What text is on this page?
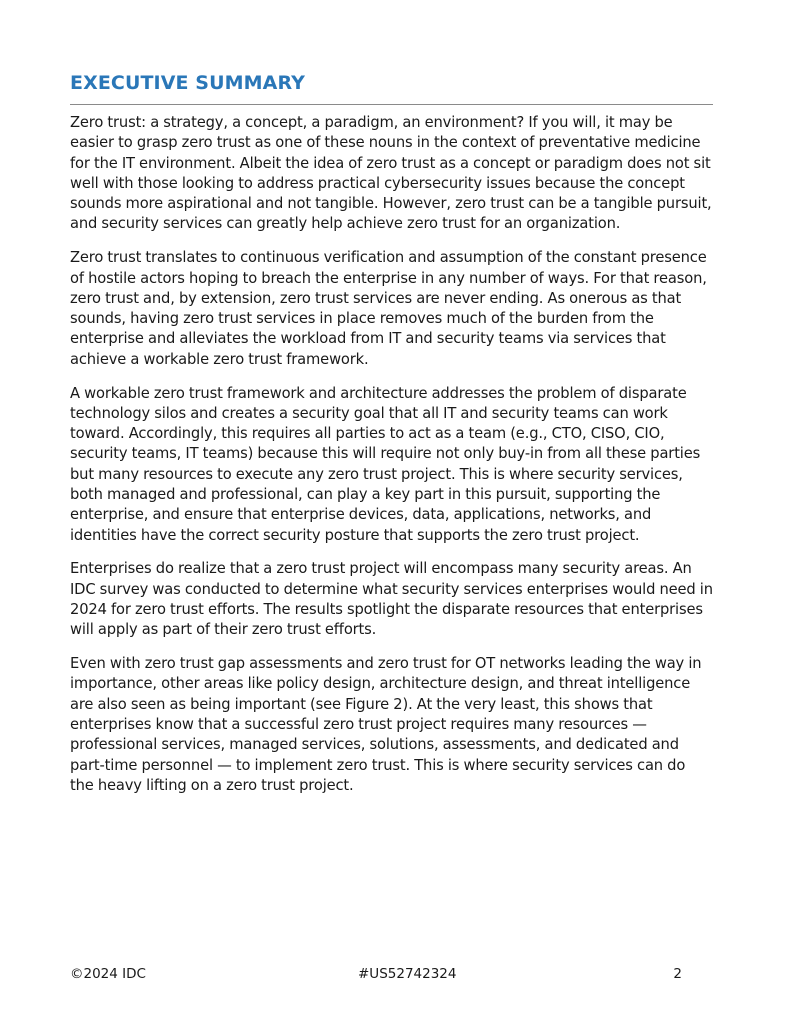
EXECUTIVE SUMMARY

Zero trust: a strategy, a concept, a paradigm, an environment? If you will, it may be easier to grasp zero trust as one of these nouns in the context of preventative medicine for the IT environment. Albeit the idea of zero trust as a concept or paradigm does not sit well with those looking to address practical cybersecurity issues because the concept sounds more aspirational and not tangible. However, zero trust can be a tangible pursuit, and security services can greatly help achieve zero trust for an organization.

Zero trust translates to continuous verification and assumption of the constant presence of hostile actors hoping to breach the enterprise in any number of ways. For that reason, zero trust and, by extension, zero trust services are never ending. As onerous as that sounds, having zero trust services in place removes much of the burden from the enterprise and alleviates the workload from IT and security teams via services that achieve a workable zero trust framework.

A workable zero trust framework and architecture addresses the problem of disparate technology silos and creates a security goal that all IT and security teams can work toward. Accordingly, this requires all parties to act as a team (e.g., CTO, CISO, CIO, security teams, IT teams) because this will require not only buy-in from all these parties but many resources to execute any zero trust project. This is where security services, both managed and professional, can play a key part in this pursuit, supporting the enterprise, and ensure that enterprise devices, data, applications, networks, and identities have the correct security posture that supports the zero trust project.

Enterprises do realize that a zero trust project will encompass many security areas. An IDC survey was conducted to determine what security services enterprises would need in 2024 for zero trust efforts. The results spotlight the disparate resources that enterprises will apply as part of their zero trust efforts.

Even with zero trust gap assessments and zero trust for OT networks leading the way in importance, other areas like policy design, architecture design, and threat intelligence are also seen as being important (see Figure 2). At the very least, this shows that enterprises know that a successful zero trust project requires many resources — professional services, managed services, solutions, assessments, and dedicated and part-time personnel — to implement zero trust. This is where security services can do the heavy lifting on a zero trust project.

©2024 IDC	#US52742324	2
